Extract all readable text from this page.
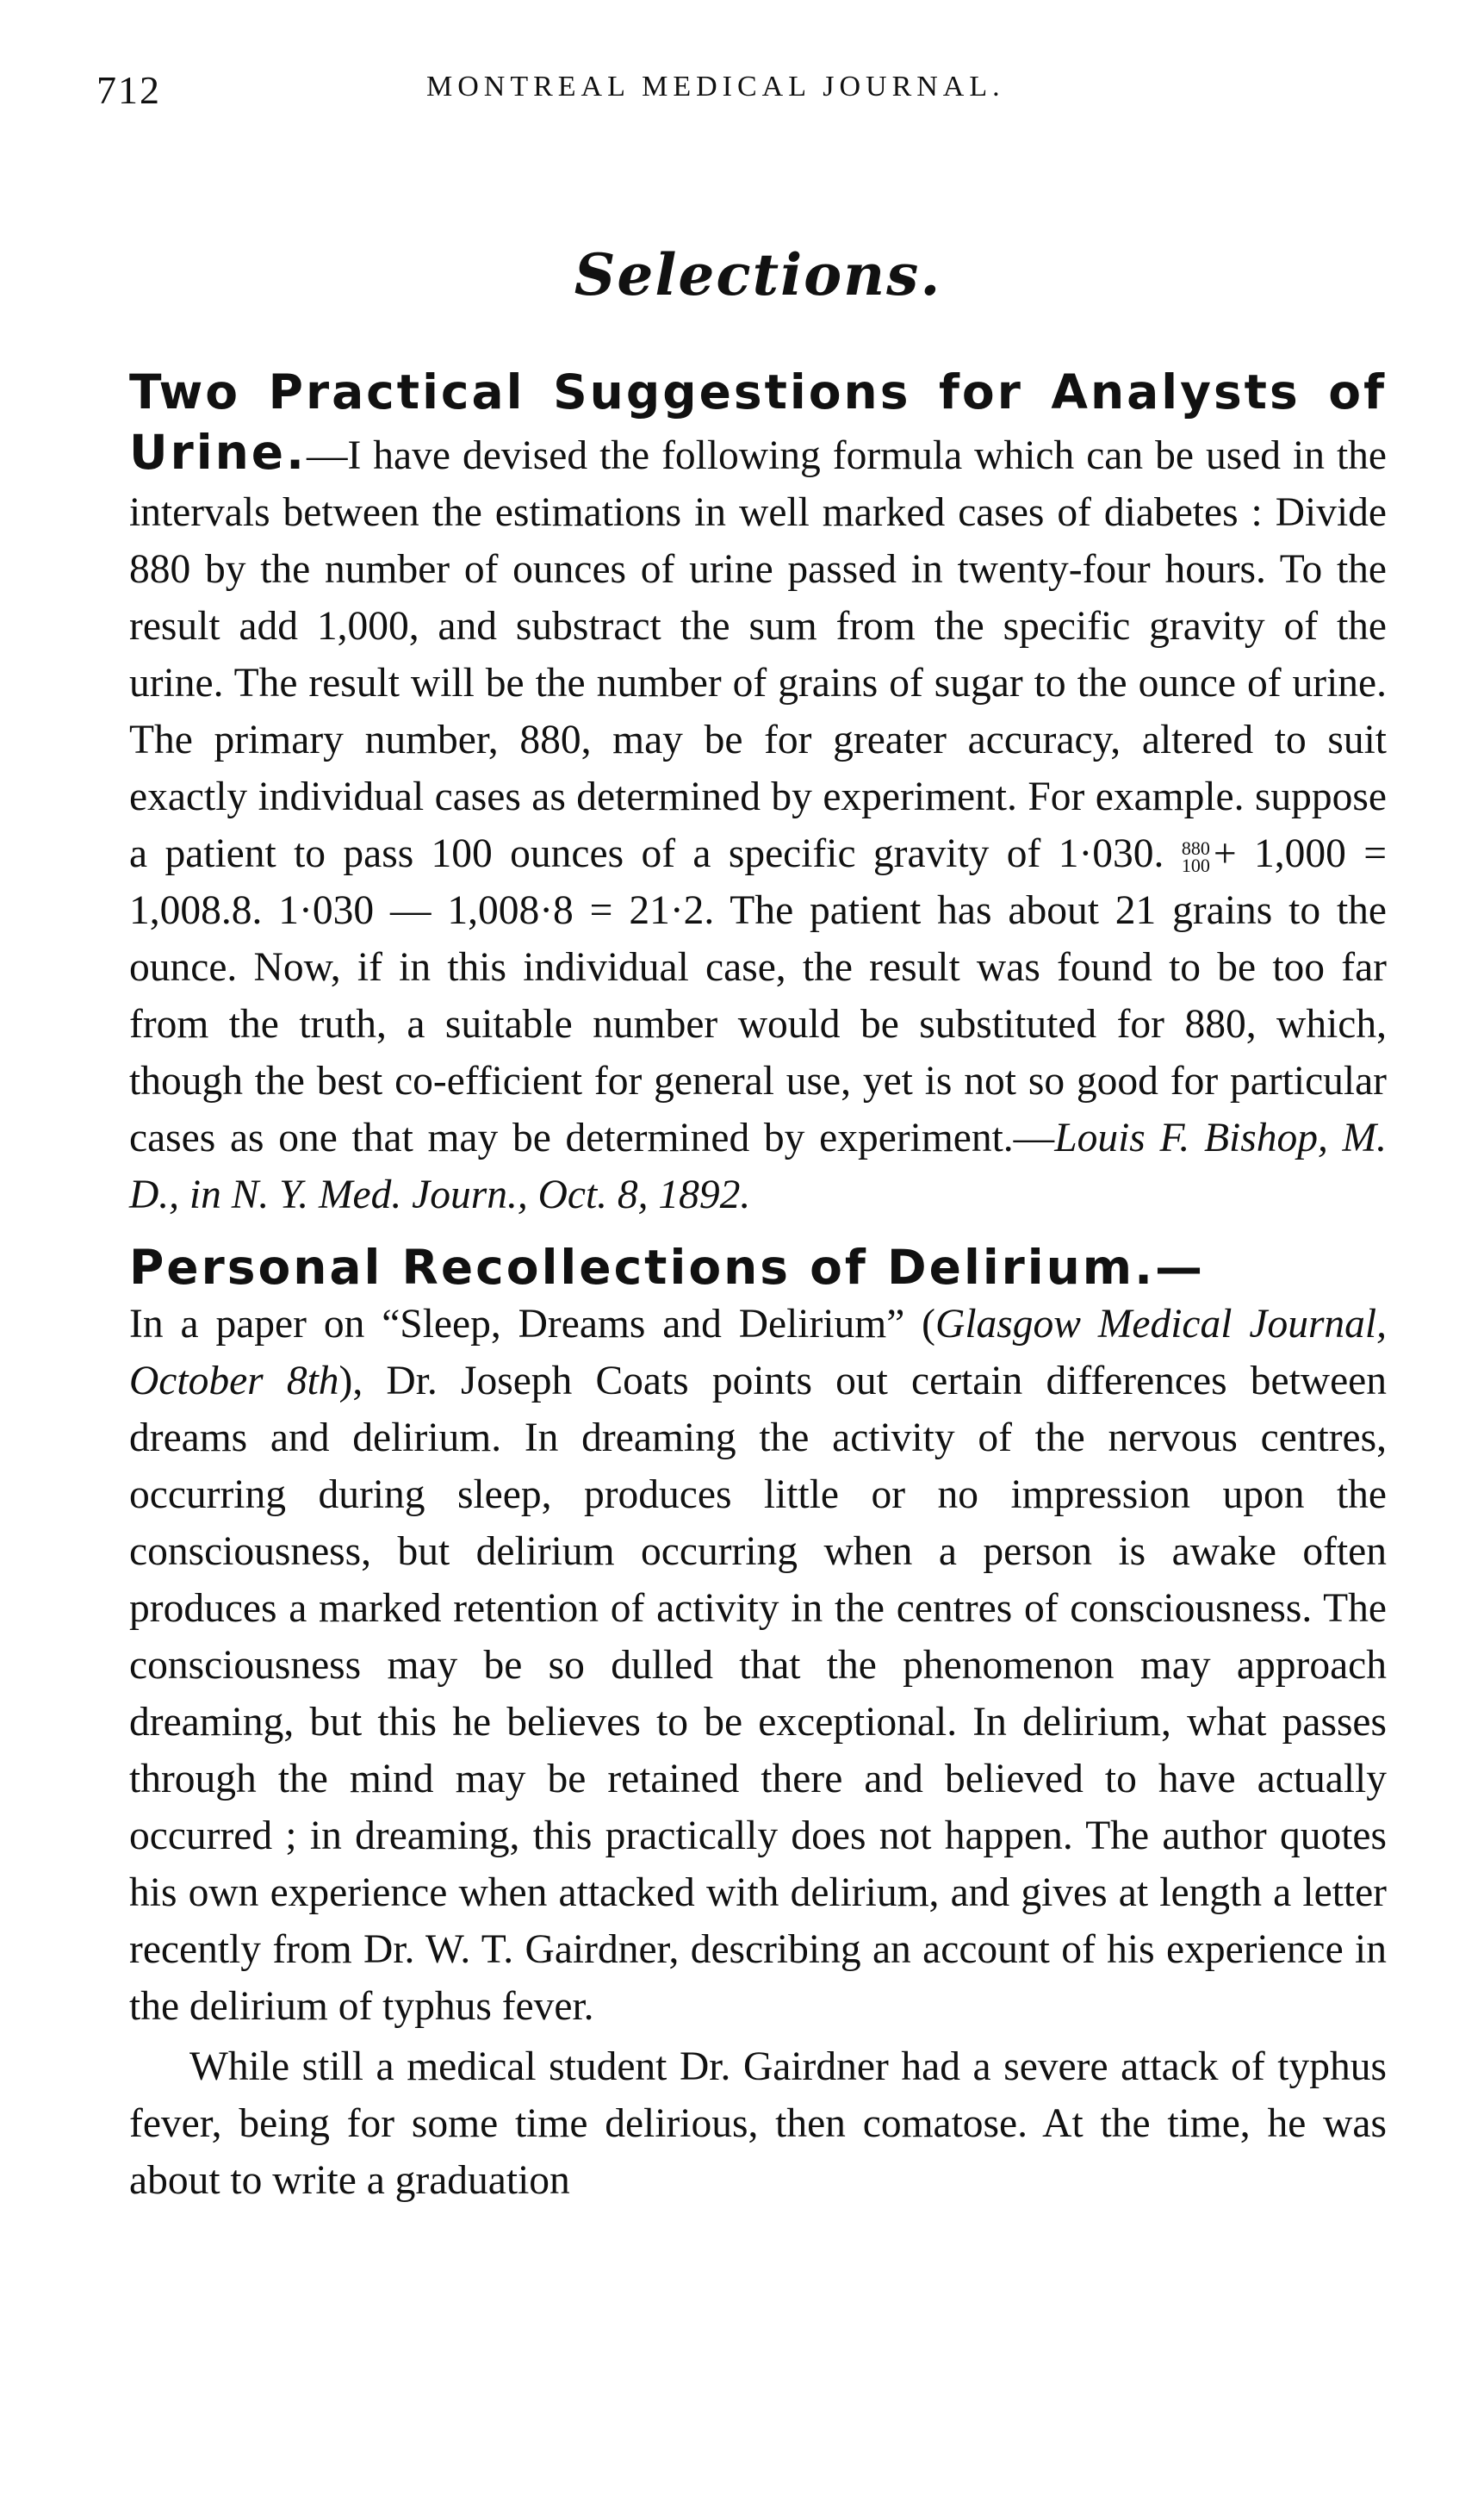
712	MONTREAL MEDICAL JOURNAL.
Selections.

Two Practical Suggestions for Analysts of Urine.—I have devised the following formula which can be used in the intervals between the estimations in well marked cases of diabetes : Divide 880 by the number of ounces of urine passed in twenty-four hours. To the result add 1,000, and substract the sum from the specific gravity of the urine. The result will be the number of grains of sugar to the ounce of urine. The primary number, 880, may be for greater accuracy, altered to suit exactly individual cases as determined by experiment. For example. suppose a patient to pass 100 ounces of a specific gravity of 1·030. 880
100 + 1,000 = 1,008.8. 1·030 — 1,008·8 = 21·2. The patient has about 21 grains to the ounce. Now, if in this individual case, the result was found to be too far from the truth, a suitable number would be substituted for 880, which, though the best co-efficient for general use, yet is not so good for particular cases as one that may be determined by experiment.—Louis F. Bishop, M. D., in N. Y. Med. Journ., Oct. 8, 1892.

Personal Recollections of Delirium.—
In a paper on “Sleep, Dreams and Delirium” (Glasgow Medical Journal, October 8th), Dr. Joseph Coats points out certain differences between dreams and delirium. In dreaming the activity of the nervous centres, occurring during sleep, produces little or no impression upon the consciousness, but delirium occurring when a person is awake often produces a marked retention of activity in the centres of consciousness. The consciousness may be so dulled that the phenomenon may approach dreaming, but this he believes to be exceptional. In delirium, what passes through the mind may be retained there and believed to have actually occurred ; in dreaming, this practically does not happen. The author quotes his own experience when attacked with delirium, and gives at length a letter recently from Dr. W. T. Gairdner, describing an account of his experience in the delirium of typhus fever.

While still a medical student Dr. Gairdner had a severe attack of typhus fever, being for some time delirious, then comatose. At the time, he was about to write a graduation
